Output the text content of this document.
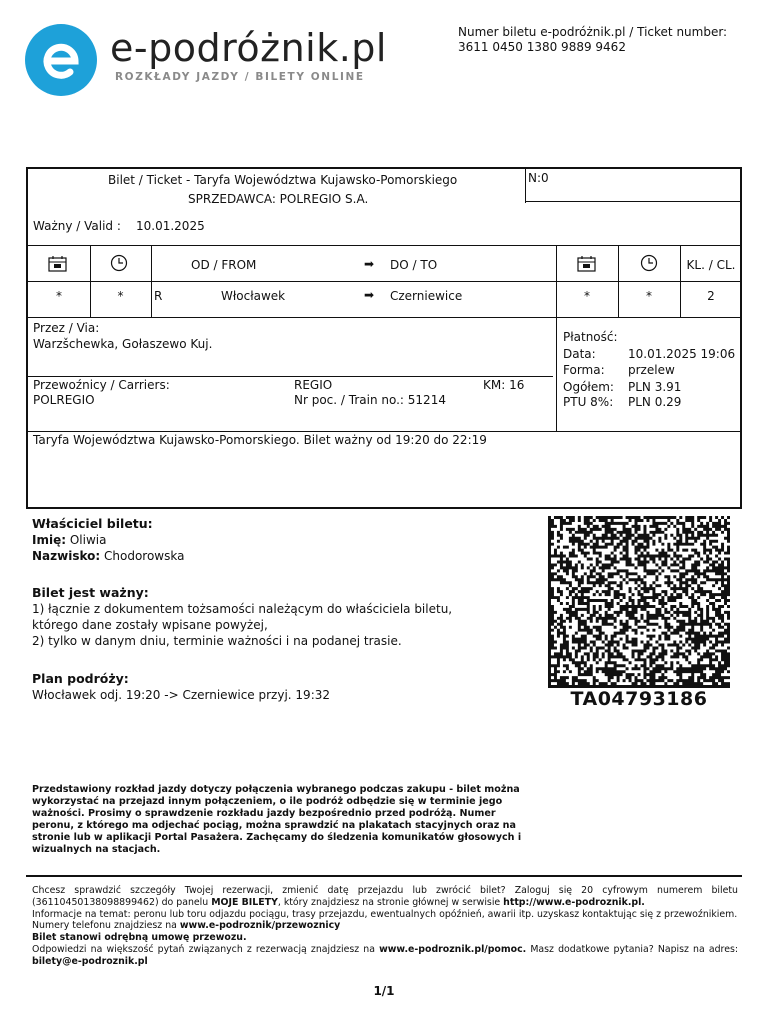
e-podróżnik.pl
ROZKŁADY JAZDY / BILETY ONLINE
Numer biletu e-podróżnik.pl / Ticket number:
3611 0450 1380 9889 9462
Bilet / Ticket - Taryfa Województwa Kujawsko-Pomorskiego
SPRZEDAWCA: POLREGIO S.A.
N:0
Ważny / Valid : 10.01.2025
OD / FROM	➡ DO / TO	KL. / CL.
*	*	R	Włocławek	➡ Czerniewice	*	*	2
Przez / Via:
Warzšchewka, Gołaszewo Kuj.
Przewoźnicy / Carriers:
POLREGIO
REGIO	KM: 16
Nr poc. / Train no.: 51214
Płatność:
Data:	10.01.2025 19:06
Forma: przelew
Ogółem: PLN 3.91
PTU 8%: PLN 0.29
Taryfa Województwa Kujawsko-Pomorskiego. Bilet ważny od 19:20 do 22:19
Właściciel biletu:
Imię: Oliwia
Nazwisko: Chodorowska
Bilet jest ważny:
1) łącznie z dokumentem tożsamości należącym do właściciela biletu,
którego dane zostały wpisane powyżej,
2) tylko w danym dniu, terminie ważności i na podanej trasie.
Plan podróży:
Włocławek odj. 19:20 -> Czerniewice przyj. 19:32	TA04793186
Przedstawiony rozkład jazdy dotyczy połączenia wybranego podczas zakupu - bilet można wykorzystać na przejazd innym połączeniem, o ile podróż odbędzie się w terminie jego ważności. Prosimy o sprawdzenie rozkładu jazdy bezpośrednio przed podróżą. Numer peronu, z którego ma odjechać pociąg, można sprawdzić na plakatach stacyjnych oraz na stronie lub w aplikacji Portal Pasażera. Zachęcamy do śledzenia komunikatów głosowych i wizualnych na stacjach.
Chcesz sprawdzić szczegóły Twojej rezerwacji, zmienić datę przejazdu lub zwrócić bilet? Zaloguj się 20 cyfrowym numerem biletu (36110450138098899462) do panelu MOJE BILETY, który znajdziesz na stronie głównej w serwisie http://www.e-podroznik.pl.
Informacje na temat: peronu lub toru odjazdu pociągu, trasy przejazdu, ewentualnych opóźnień, awarii itp. uzyskasz kontaktując się z przewoźnikiem.
Numery telefonu znajdziesz na www.e-podroznik/przewoznicy
Bilet stanowi odrębną umowę przewozu.
Odpowiedzi na większość pytań związanych z rezerwacją znajdziesz na www.e-podroznik.pl/pomoc. Masz dodatkowe pytania? Napisz na adres: bilety@e-podroznik.pl
1/1
